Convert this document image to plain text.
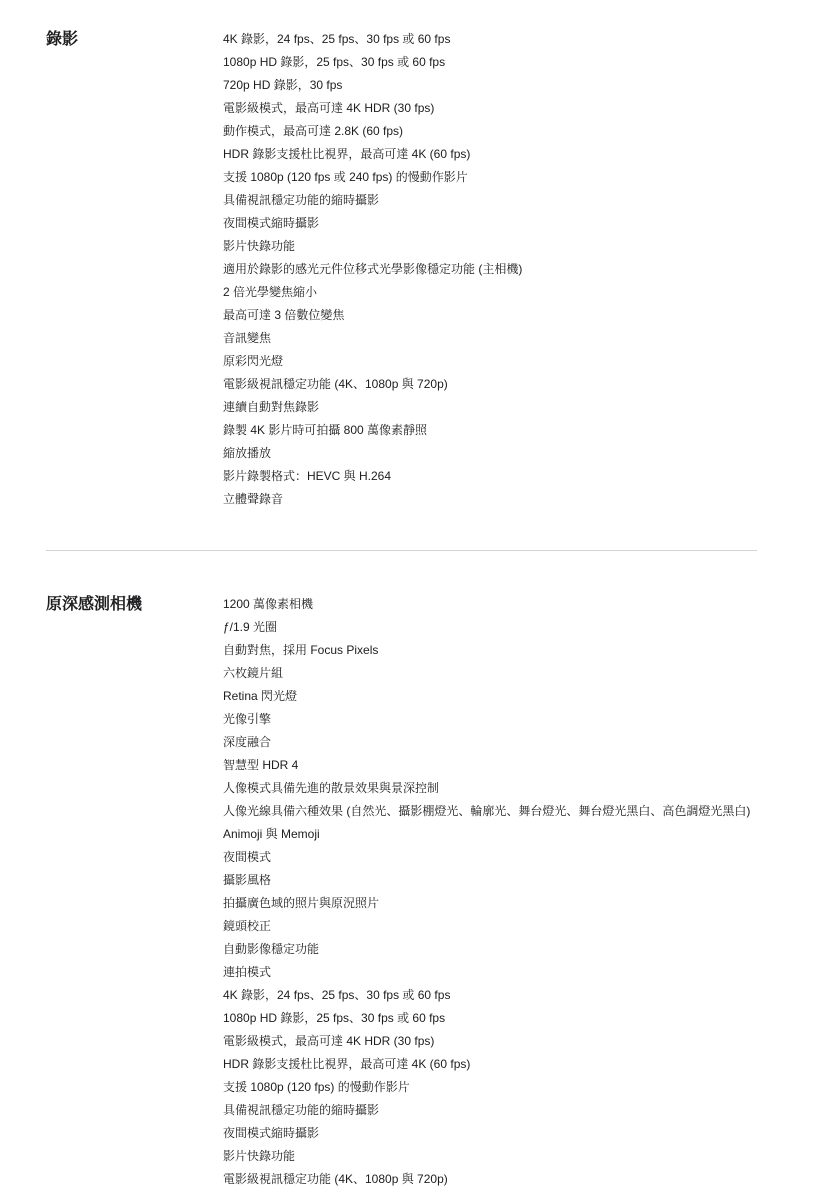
錄影	4K 錄影，24 fps、25 fps、30 fps 或 60 fps
1080p HD 錄影，25 fps、30 fps 或 60 fps
720p HD 錄影，30 fps
電影級模式，最高可達 4K HDR (30 fps)
動作模式，最高可達 2.8K (60 fps)
HDR 錄影支援杜比視界，最高可達 4K (60 fps)
支援 1080p (120 fps 或 240 fps) 的慢動作影片
具備視訊穩定功能的縮時攝影
夜間模式縮時攝影
影片快錄功能
適用於錄影的感光元件位移式光學影像穩定功能 (主相機)
2 倍光學變焦縮小
最高可達 3 倍數位變焦
音訊變焦
原彩閃光燈
電影級視訊穩定功能 (4K、1080p 與 720p)
連續自動對焦錄影
錄製 4K 影片時可拍攝 800 萬像素靜照
縮放播放
影片錄製格式：HEVC 與 H.264
立體聲錄音
原深感測相機	1200 萬像素相機
ƒ/1.9 光圈
自動對焦，採用 Focus Pixels
六枚鏡片組
Retina 閃光燈
光像引擎
深度融合
智慧型 HDR 4
人像模式具備先進的散景效果與景深控制
人像光線具備六種效果 (自然光、攝影棚燈光、輪廓光、舞台燈光、舞台燈光黑白、高色調燈光黑白)
Animoji 與 Memoji
夜間模式
攝影風格
拍攝廣色域的照片與原況照片
鏡頭校正
自動影像穩定功能
連拍模式
4K 錄影，24 fps、25 fps、30 fps 或 60 fps
1080p HD 錄影，25 fps、30 fps 或 60 fps
電影級模式，最高可達 4K HDR (30 fps)
HDR 錄影支援杜比視界，最高可達 4K (60 fps)
支援 1080p (120 fps) 的慢動作影片
具備視訊穩定功能的縮時攝影
夜間模式縮時攝影
影片快錄功能
電影級視訊穩定功能 (4K、1080p 與 720p)
